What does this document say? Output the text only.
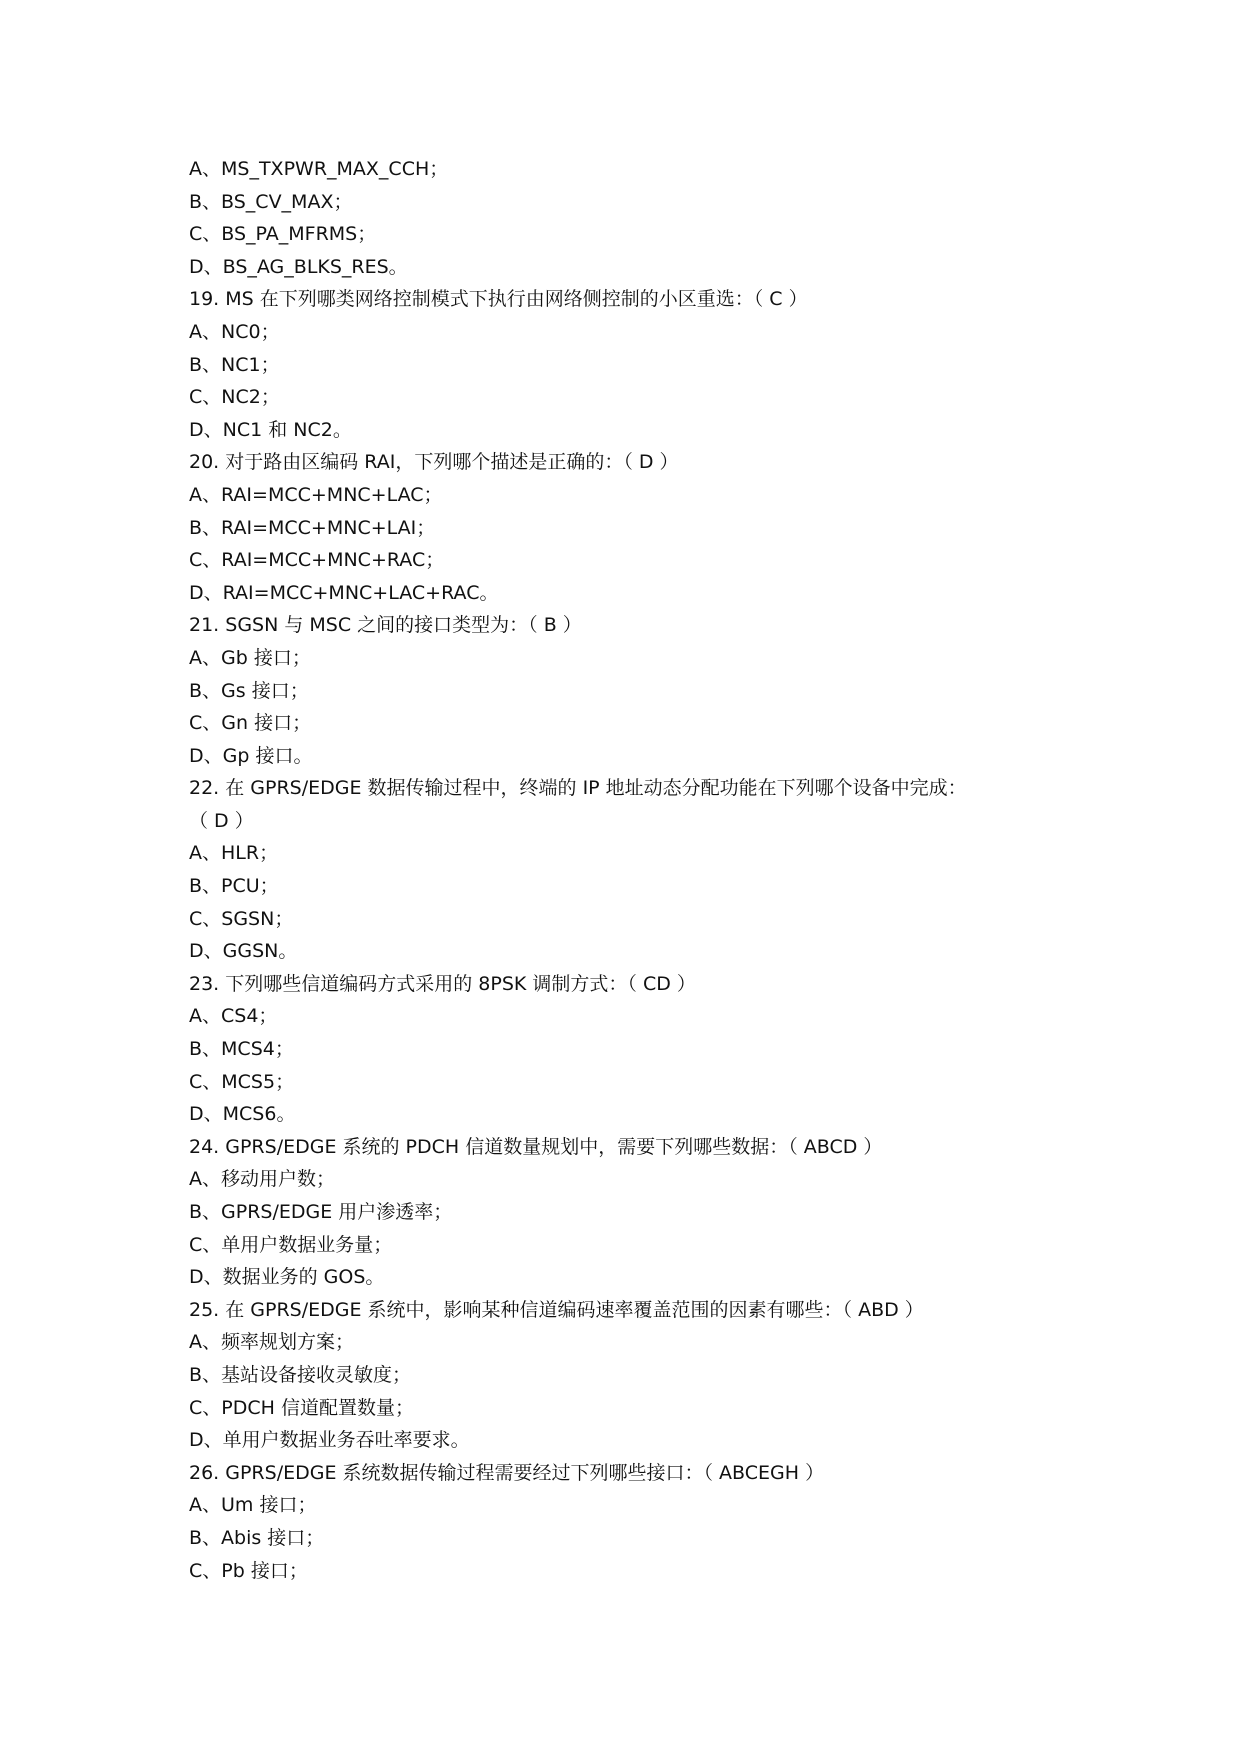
A、MS_TXPWR_MAX_CCH；
B、BS_CV_MAX；
C、BS_PA_MFRMS；
D、BS_AG_BLKS_RES。
19. MS 在下列哪类网络控制模式下执行由网络侧控制的小区重选：（ C ）
A、NC0；
B、NC1；
C、NC2；
D、NC1 和 NC2。
20. 对于路由区编码 RAI，下列哪个描述是正确的：（ D ）
A、RAI=MCC+MNC+LAC；
B、RAI=MCC+MNC+LAI；
C、RAI=MCC+MNC+RAC；
D、RAI=MCC+MNC+LAC+RAC。
21. SGSN 与 MSC 之间的接口类型为：（ B ）
A、Gb 接口；
B、Gs 接口；
C、Gn 接口；
D、Gp 接口。
22. 在 GPRS/EDGE 数据传输过程中，终端的 IP 地址动态分配功能在下列哪个设备中完成：
（ D ）
A、HLR；
B、PCU；
C、SGSN；
D、GGSN。
23. 下列哪些信道编码方式采用的 8PSK 调制方式：（ CD ）
A、CS4；
B、MCS4；
C、MCS5；
D、MCS6。
24. GPRS/EDGE 系统的 PDCH 信道数量规划中，需要下列哪些数据：（ ABCD ）
A、移动用户数；
B、GPRS/EDGE 用户渗透率；
C、单用户数据业务量；
D、数据业务的 GOS。
25. 在 GPRS/EDGE 系统中，影响某种信道编码速率覆盖范围的因素有哪些：（ ABD ）
A、频率规划方案；
B、基站设备接收灵敏度；
C、PDCH 信道配置数量；
D、单用户数据业务吞吐率要求。
26. GPRS/EDGE 系统数据传输过程需要经过下列哪些接口：（ ABCEGH ）
A、Um 接口；
B、Abis 接口；
C、Pb 接口；
